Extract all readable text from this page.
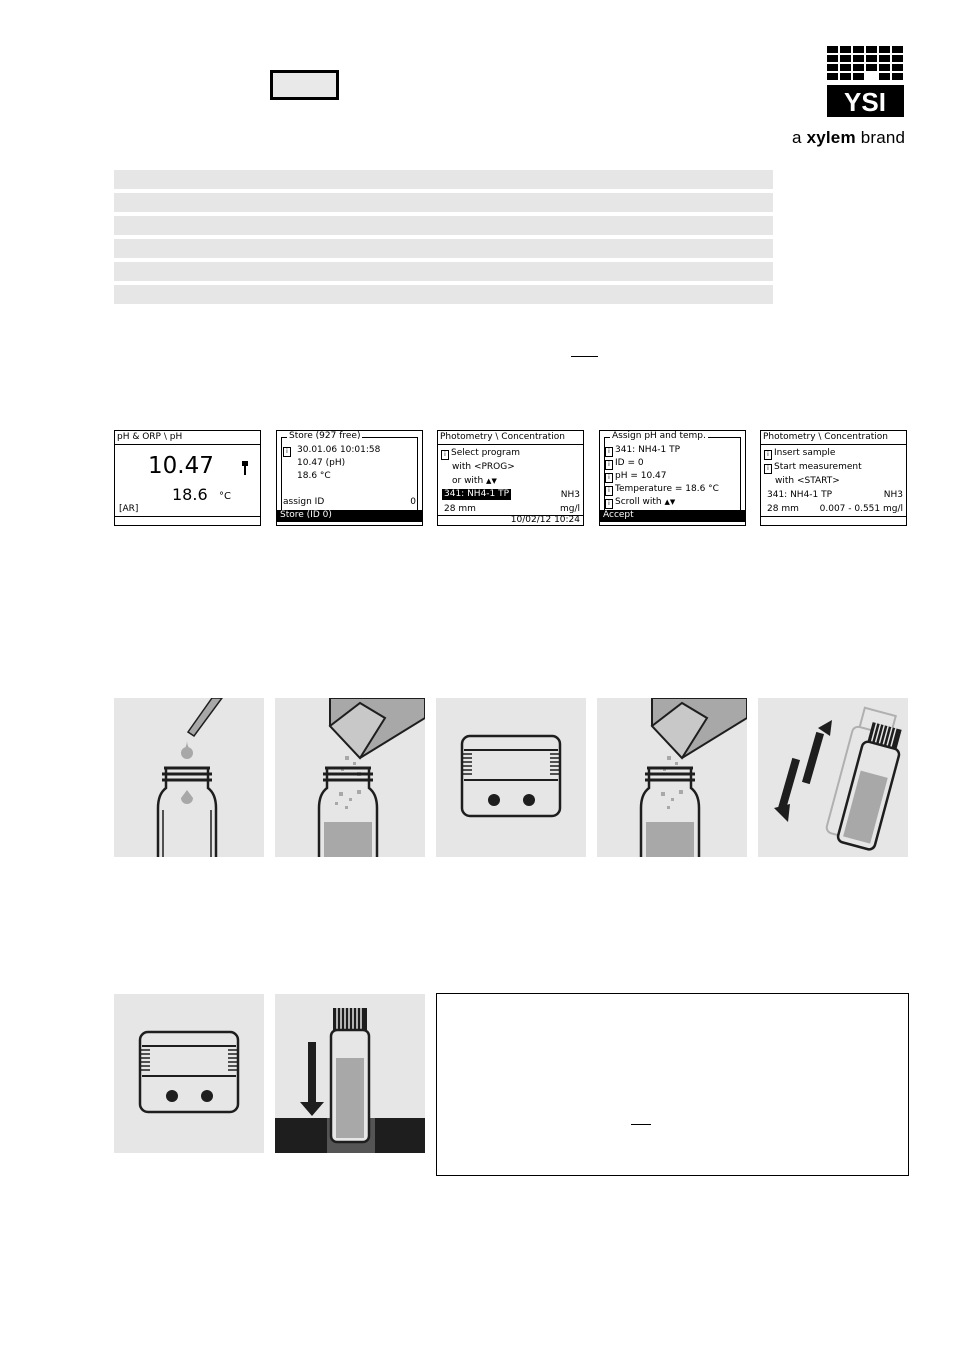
YSI
a xylem brand
pH & ORP \ pH
10.47
18.6 °C
[AR]
Store (927 free)
i	30.01.06 10:01:58
10.47 (pH)
18.6 °C
assign ID	0
Store (ID 0)
Photometry \ Concentration
i Select program
with <PROG>
or with ▲▼
341: NH4-1 TP	NH3
28 mm	mg/l
10/02/12 10:24
Assign pH and temp.
i 341: NH4-1 TP
i ID = 0
i pH = 10.47
i Temperature = 18.6 °C
i Scroll with ▲▼
Accept
Photometry \ Concentration
i Insert sample
i Start measurement
with <START>
341: NH4-1 TP	NH3
28 mm 0.007 - 0.551 mg/l
